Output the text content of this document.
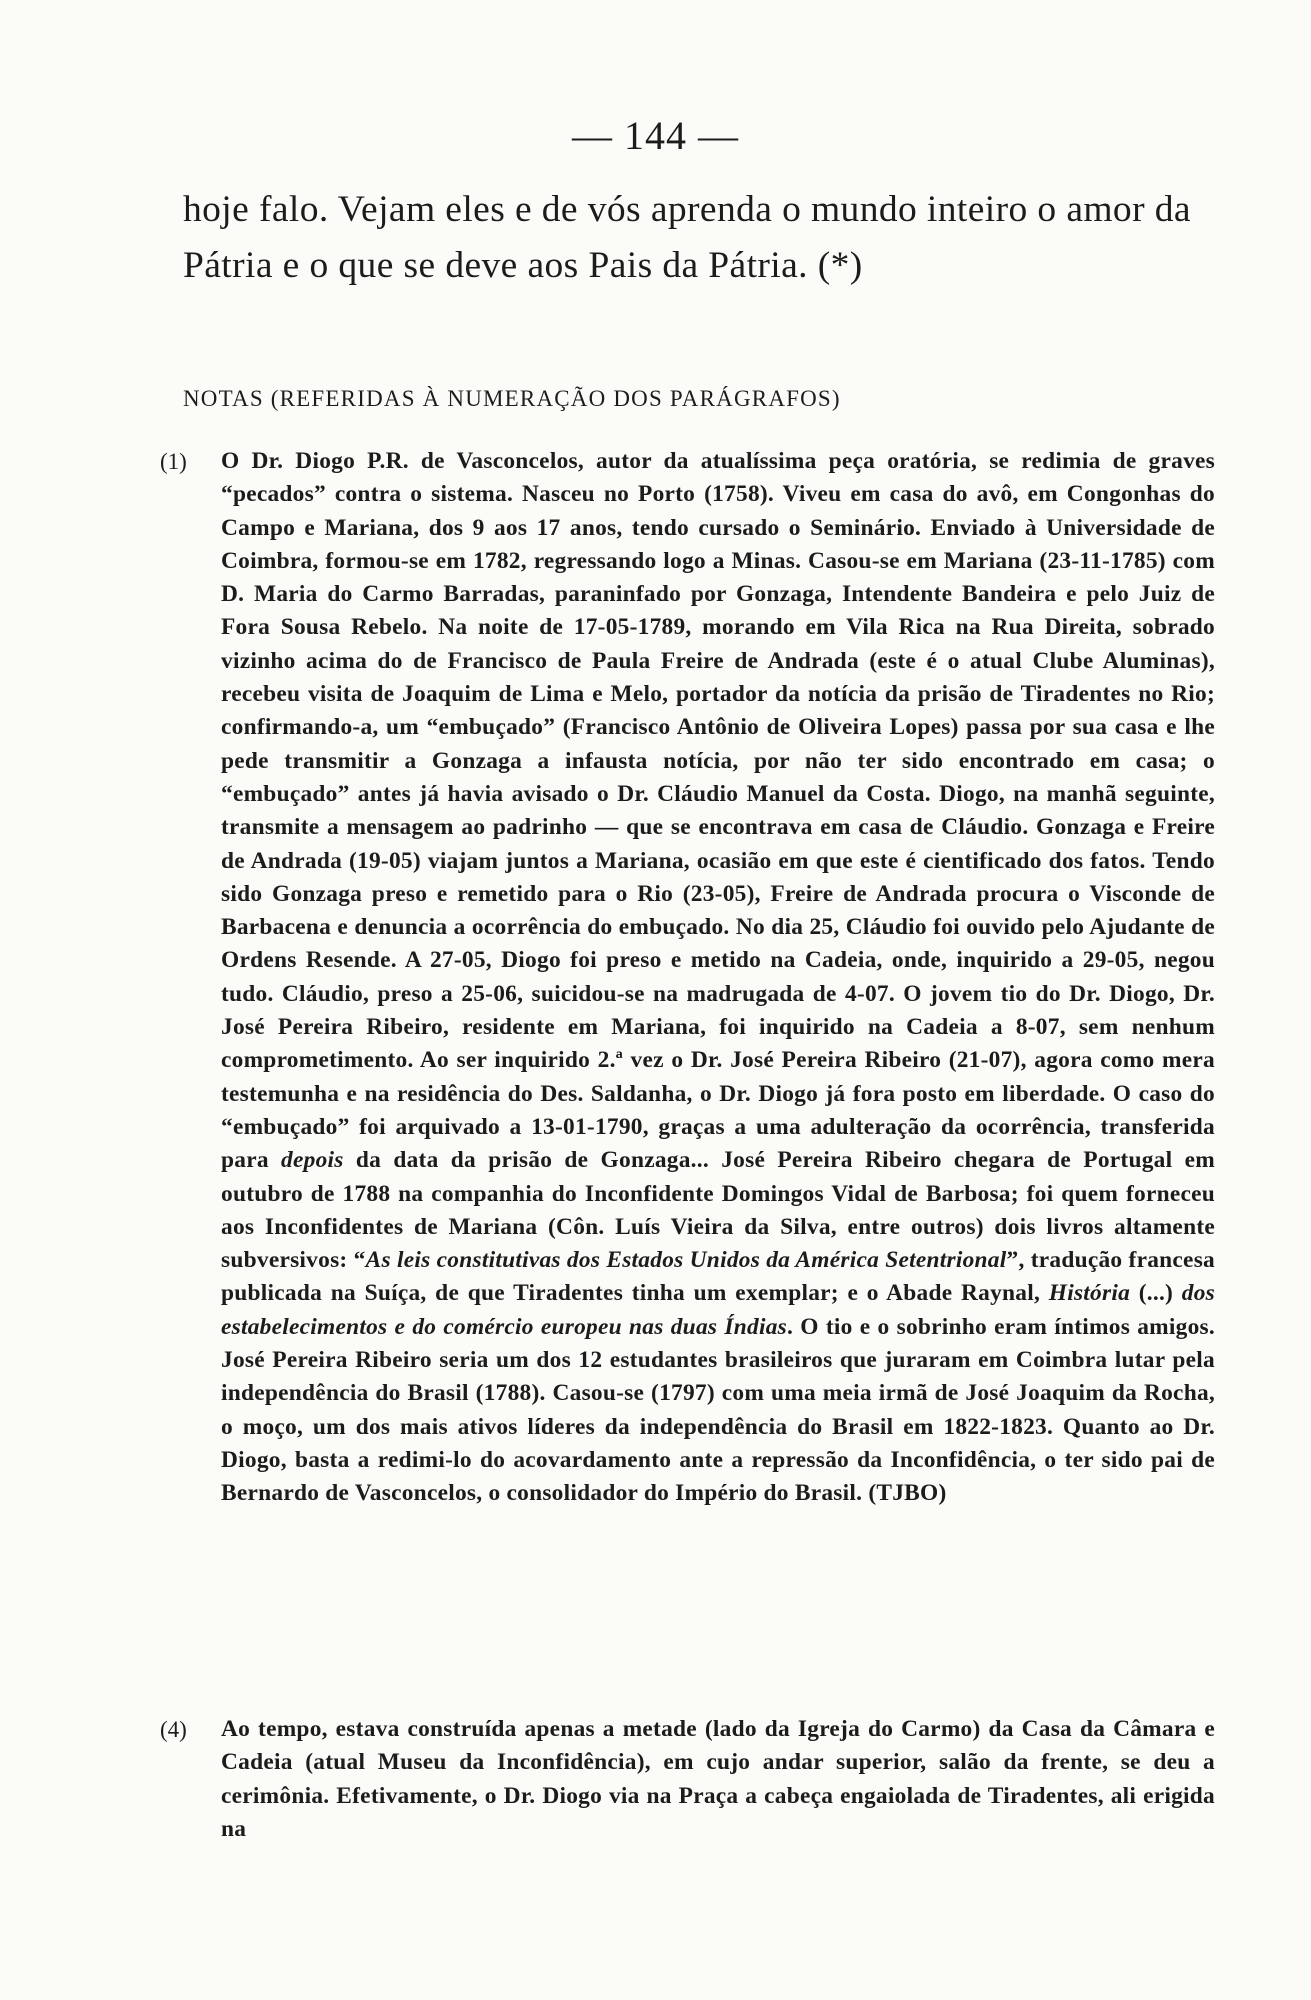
— 144 —

hoje falo. Vejam eles e de vós aprenda o mundo inteiro o amor da Pátria e o que se deve aos Pais da Pátria. (*)

NOTAS (REFERIDAS À NUMERAÇÃO DOS PARÁGRAFOS)
(1) O Dr. Diogo P.R. de Vasconcelos, autor da atualíssima peça oratória, se redimia de graves “pecados” contra o sistema. Nasceu no Porto (1758). Viveu em casa do avô, em Congonhas do Campo e Mariana, dos 9 aos 17 anos, tendo cursado o Seminário. Enviado à Universidade de Coimbra, formou-se em 1782, regressando logo a Minas. Casou-se em Mariana (23-11-1785) com D. Maria do Carmo Barradas, paraninfado por Gonzaga, Intendente Bandeira e pelo Juiz de Fora Sousa Rebelo. Na noite de 17-05-1789, morando em Vila Rica na Rua Direita, sobrado vizinho acima do de Francisco de Paula Freire de Andrada (este é o atual Clube Aluminas), recebeu visita de Joaquim de Lima e Melo, portador da notícia da prisão de Tiradentes no Rio; confirmando-a, um “embuçado” (Francisco Antônio de Oliveira Lopes) passa por sua casa e lhe pede transmitir a Gonzaga a infausta notícia, por não ter sido encontrado em casa; o “embuçado” antes já havia avisado o Dr. Cláudio Manuel da Costa. Diogo, na manhã seguinte, transmite a mensagem ao padrinho — que se encontrava em casa de Cláudio. Gonzaga e Freire de Andrada (19-05) viajam juntos a Mariana, ocasião em que este é cientificado dos fatos. Tendo sido Gonzaga preso e remetido para o Rio (23-05), Freire de Andrada procura o Visconde de Barbacena e denuncia a ocorrência do embuçado. No dia 25, Cláudio foi ouvido pelo Ajudante de Ordens Resende. A 27-05, Diogo foi preso e metido na Cadeia, onde, inquirido a 29-05, negou tudo. Cláudio, preso a 25-06, suicidou-se na madrugada de 4-07. O jovem tio do Dr. Diogo, Dr. José Pereira Ribeiro, residente em Mariana, foi inquirido na Cadeia a 8-07, sem nenhum comprometimento. Ao ser inquirido 2.ª vez o Dr. José Pereira Ribeiro (21-07), agora como mera testemunha e na residência do Des. Saldanha, o Dr. Diogo já fora posto em liberdade. O caso do “embuçado” foi arquivado a 13-01-1790, graças a uma adulteração da ocorrência, transferida para depois da data da prisão de Gonzaga... José Pereira Ribeiro chegara de Portugal em outubro de 1788 na companhia do Inconfidente Domingos Vidal de Barbosa; foi quem forneceu aos Inconfidentes de Mariana (Côn. Luís Vieira da Silva, entre outros) dois livros altamente subversivos: “As leis constitutivas dos Estados Unidos da América Setentrional”, tradução francesa publicada na Suíça, de que Tiradentes tinha um exemplar; e o Abade Raynal, História (...) dos estabelecimentos e do comércio europeu nas duas Índias. O tio e o sobrinho eram íntimos amigos. José Pereira Ribeiro seria um dos 12 estudantes brasileiros que juraram em Coimbra lutar pela independência do Brasil (1788). Casou-se (1797) com uma meia irmã de José Joaquim da Rocha, o moço, um dos mais ativos líderes da independência do Brasil em 1822-1823. Quanto ao Dr. Diogo, basta a redimi-lo do acovardamento ante a repressão da Inconfidência, o ter sido pai de Bernardo de Vasconcelos, o consolidador do Império do Brasil. (TJBO)

(4) Ao tempo, estava construída apenas a metade (lado da Igreja do Carmo) da Casa da Câmara e Cadeia (atual Museu da Inconfidência), em cujo andar superior, salão da frente, se deu a cerimônia. Efetivamente, o Dr. Diogo via na Praça a cabeça engaiolada de Tiradentes, ali erigida na
